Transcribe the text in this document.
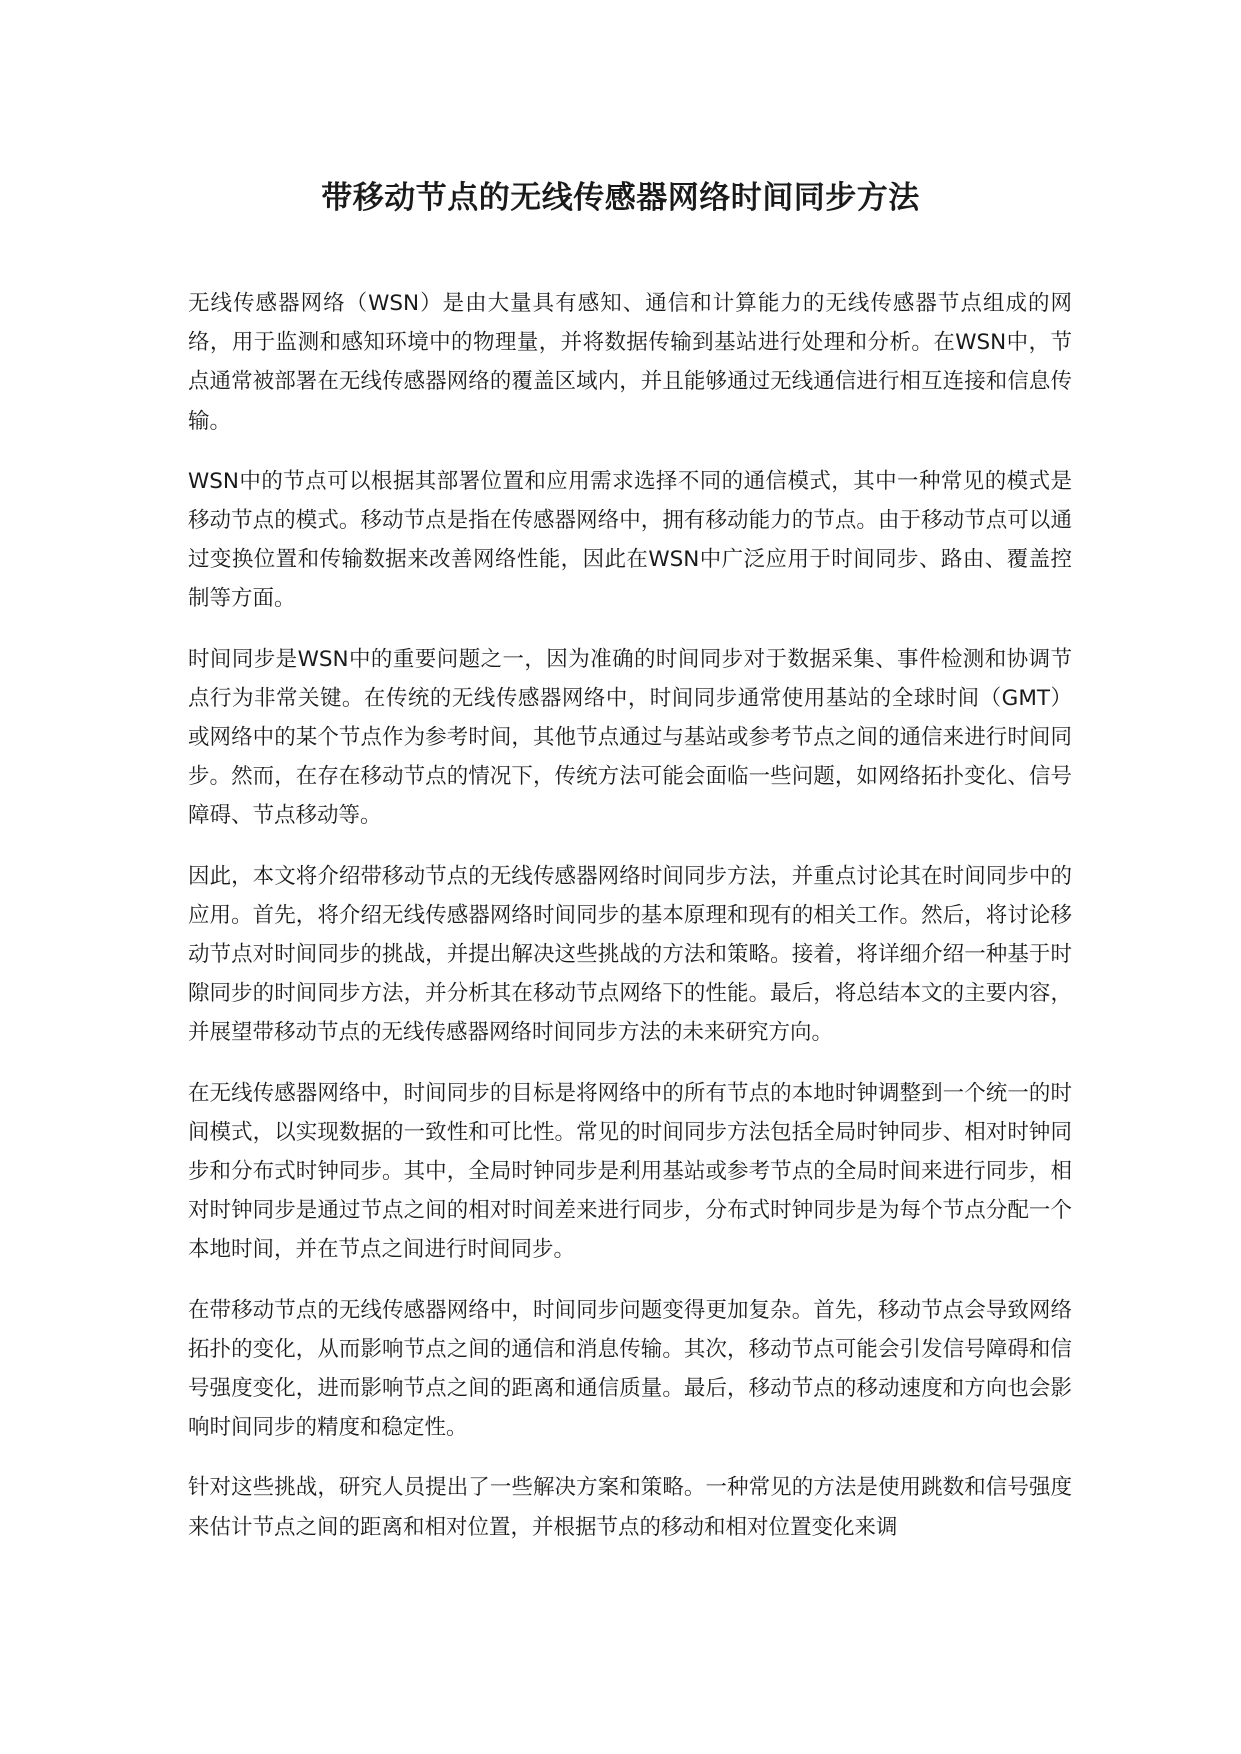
带移动节点的无线传感器网络时间同步方法

无线传感器网络（WSN）是由大量具有感知、通信和计算能力的无线传感器节点组成的网络，用于监测和感知环境中的物理量，并将数据传输到基站进行处理和分析。在WSN中，节点通常被部署在无线传感器网络的覆盖区域内，并且能够通过无线通信进行相互连接和信息传输。

WSN中的节点可以根据其部署位置和应用需求选择不同的通信模式，其中一种常见的模式是移动节点的模式。移动节点是指在传感器网络中，拥有移动能力的节点。由于移动节点可以通过变换位置和传输数据来改善网络性能，因此在WSN中广泛应用于时间同步、路由、覆盖控制等方面。

时间同步是WSN中的重要问题之一，因为准确的时间同步对于数据采集、事件检测和协调节点行为非常关键。在传统的无线传感器网络中，时间同步通常使用基站的全球时间（GMT）或网络中的某个节点作为参考时间，其他节点通过与基站或参考节点之间的通信来进行时间同步。然而，在存在移动节点的情况下，传统方法可能会面临一些问题，如网络拓扑变化、信号障碍、节点移动等。

因此，本文将介绍带移动节点的无线传感器网络时间同步方法，并重点讨论其在时间同步中的应用。首先，将介绍无线传感器网络时间同步的基本原理和现有的相关工作。然后，将讨论移动节点对时间同步的挑战，并提出解决这些挑战的方法和策略。接着，将详细介绍一种基于时隙同步的时间同步方法，并分析其在移动节点网络下的性能。最后，将总结本文的主要内容，并展望带移动节点的无线传感器网络时间同步方法的未来研究方向。

在无线传感器网络中，时间同步的目标是将网络中的所有节点的本地时钟调整到一个统一的时间模式，以实现数据的一致性和可比性。常见的时间同步方法包括全局时钟同步、相对时钟同步和分布式时钟同步。其中，全局时钟同步是利用基站或参考节点的全局时间来进行同步，相对时钟同步是通过节点之间的相对时间差来进行同步，分布式时钟同步是为每个节点分配一个本地时间，并在节点之间进行时间同步。

在带移动节点的无线传感器网络中，时间同步问题变得更加复杂。首先，移动节点会导致网络拓扑的变化，从而影响节点之间的通信和消息传输。其次，移动节点可能会引发信号障碍和信号强度变化，进而影响节点之间的距离和通信质量。最后，移动节点的移动速度和方向也会影响时间同步的精度和稳定性。

针对这些挑战，研究人员提出了一些解决方案和策略。一种常见的方法是使用跳数和信号强度来估计节点之间的距离和相对位置，并根据节点的移动和相对位置变化来调
